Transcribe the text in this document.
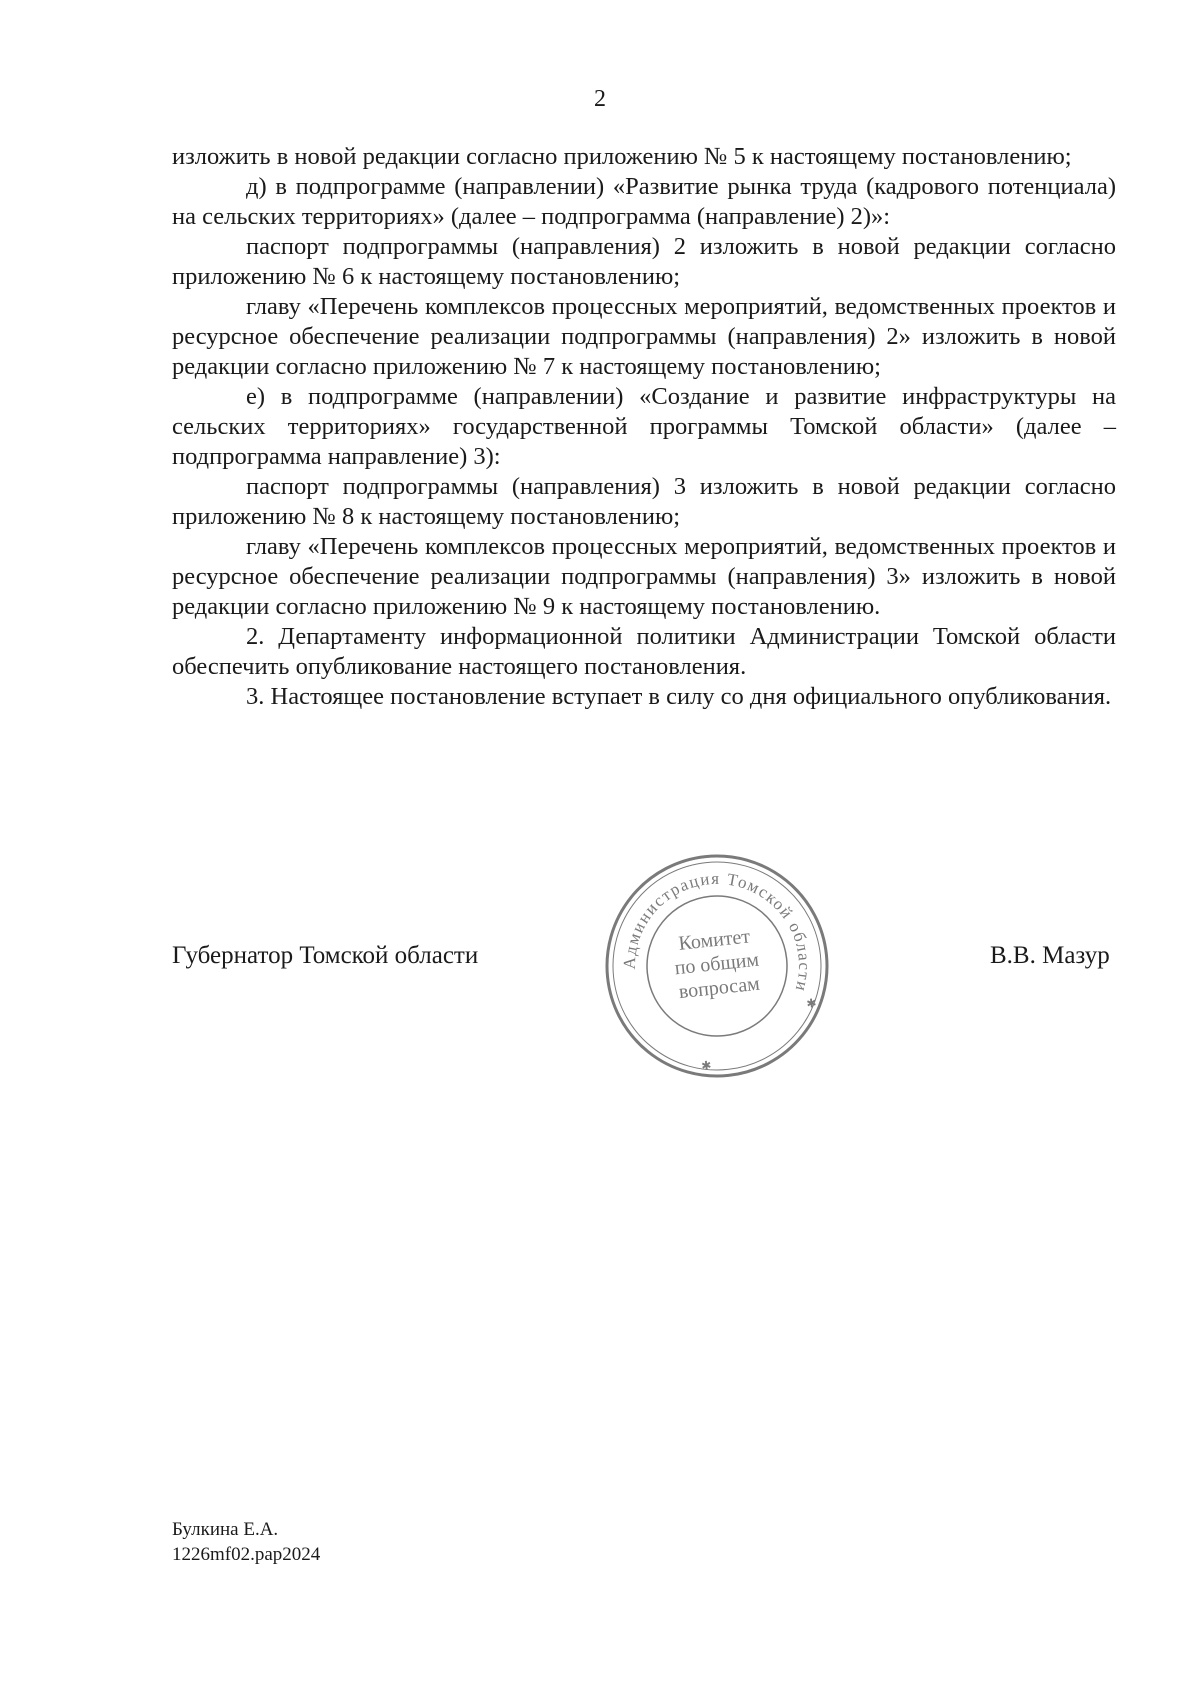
2

изложить в новой редакции согласно приложению № 5 к настоящему постановлению;

д) в подпрограмме (направлении) «Развитие рынка труда (кадрового потенциала) на сельских территориях» (далее – подпрограмма (направление) 2)»:

паспорт подпрограммы (направления) 2 изложить в новой редакции согласно приложению № 6 к настоящему постановлению;

главу «Перечень комплексов процессных мероприятий, ведомственных проектов и ресурсное обеспечение реализации подпрограммы (направления) 2» изложить в новой редакции согласно приложению № 7 к настоящему постановлению;

е) в подпрограмме (направлении) «Создание и развитие инфраструктуры на сельских территориях» государственной программы Томской области» (далее – подпрограмма направление) 3):

паспорт подпрограммы (направления) 3 изложить в новой редакции согласно приложению № 8 к настоящему постановлению;

главу «Перечень комплексов процессных мероприятий, ведомственных проектов и ресурсное обеспечение реализации подпрограммы (направления) 3» изложить в новой редакции согласно приложению № 9 к настоящему постановлению.

2. Департаменту информационной политики Администрации Томской области обеспечить опубликование настоящего постановления.

3. Настоящее постановление вступает в силу со дня официального опубликования.

Губернатор Томской области	В.В. Мазур
Администрация Томской области
✱
✱
Комитет
по общим
вопросам
Булкина Е.А.
1226mf02.pap2024
